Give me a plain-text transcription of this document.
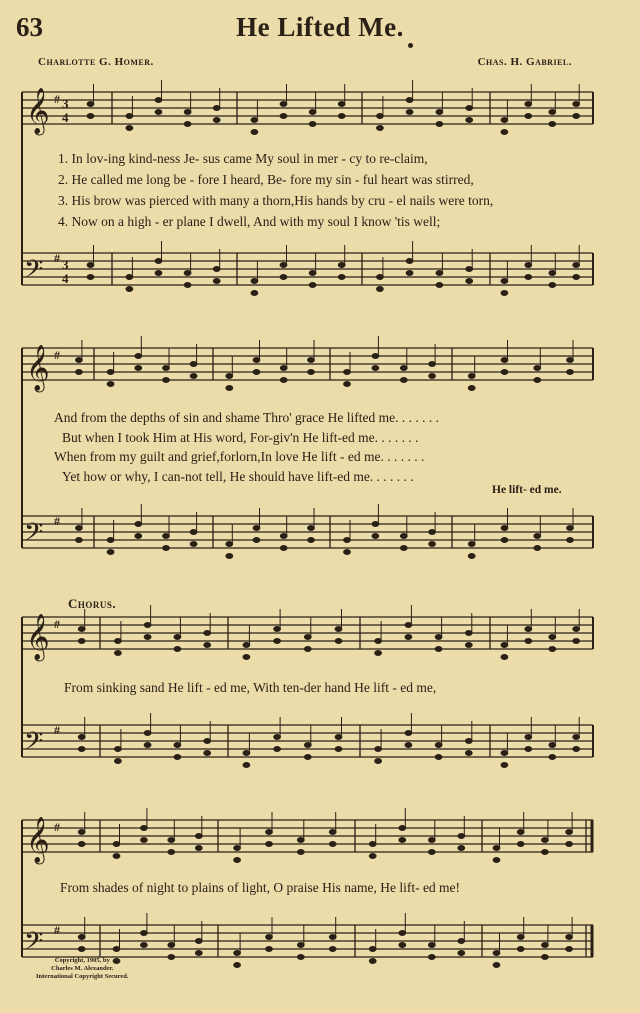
63	He Lifted Me.
Charlotte G. Homer.	Chas. H. Gabriel.
𝄞
𝄢
# 3
4
# 3
4
𝄞
𝄢
#
#
𝄞
𝄢
#
#
𝄞
𝄢
#
#
1. In lov-ing kind-ness Je- sus came My soul in mer - cy to re-claim,
2. He called me long be - fore I heard, Be- fore my sin - ful heart was stirred,
3. His brow was pierced with many a thorn,His hands by cru - el nails were torn,
4. Now on a high - er plane I dwell, And with my soul I know 'tis well;
And from the depths of sin and shame Thro' grace He lifted me. . . . . . .
But when I took Him at His word, For-giv'n He lift-ed me. . . . . . .
When from my guilt and grief,forlorn,In love He lift - ed me. . . . . . .
Yet how or why, I can-not tell, He should have lift-ed me. . . . . . .
He lift- ed me.
Chorus.
From sinking sand He lift - ed me, With ten-der hand He lift - ed me,
From shades of night to plains of light, O praise His name, He lift- ed me!
Copyright, 1905, by
Charles M. Alexander.
International Copyright Secured.
